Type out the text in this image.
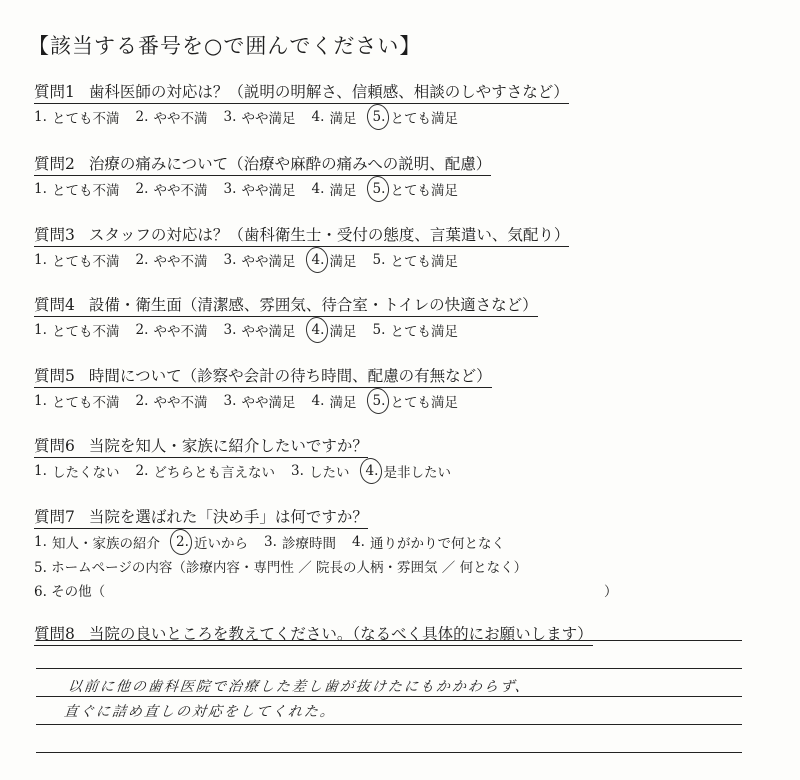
【該当する番号を○で囲んでください】
質問1 歯科医師の対応は？（説明の明解さ、信頼感、相談のしやすさなど）
1. とても不満 2. やや不満 3. やや満足 4. 満足 5. とても満足
質問2 治療の痛みについて（治療や麻酔の痛みへの説明、配慮）
1. とても不満 2. やや不満 3. やや満足 4. 満足 5. とても満足
質問3 スタッフの対応は？（歯科衛生士・受付の態度、言葉遣い、気配り）
1. とても不満 2. やや不満 3. やや満足 4. 満足 5. とても満足
質問4 設備・衛生面（清潔感、雰囲気、待合室・トイレの快適さなど）
1. とても不満 2. やや不満 3. やや満足 4. 満足 5. とても満足
質問5 時間について（診察や会計の待ち時間、配慮の有無など）
1. とても不満 2. やや不満 3. やや満足 4. 満足 5. とても満足
質問6 当院を知人・家族に紹介したいですか？
1. したくない 2. どちらとも言えない 3. したい 4. 是非したい
質問7 当院を選ばれた「決め手」は何ですか？
1. 知人・家族の紹介 2. 近いから 3. 診療時間 4. 通りがかりで何となく
5. ホームページの内容（診療内容・専門性 ／ 院長の人柄・雰囲気 ／ 何となく）
6. その他（	）
質問8 当院の良いところを教えてください。（なるべく具体的にお願いします）
以前に他の歯科医院で治療した差し歯が抜けたにもかかわらず、
直ぐに詰め直しの対応をしてくれた。
